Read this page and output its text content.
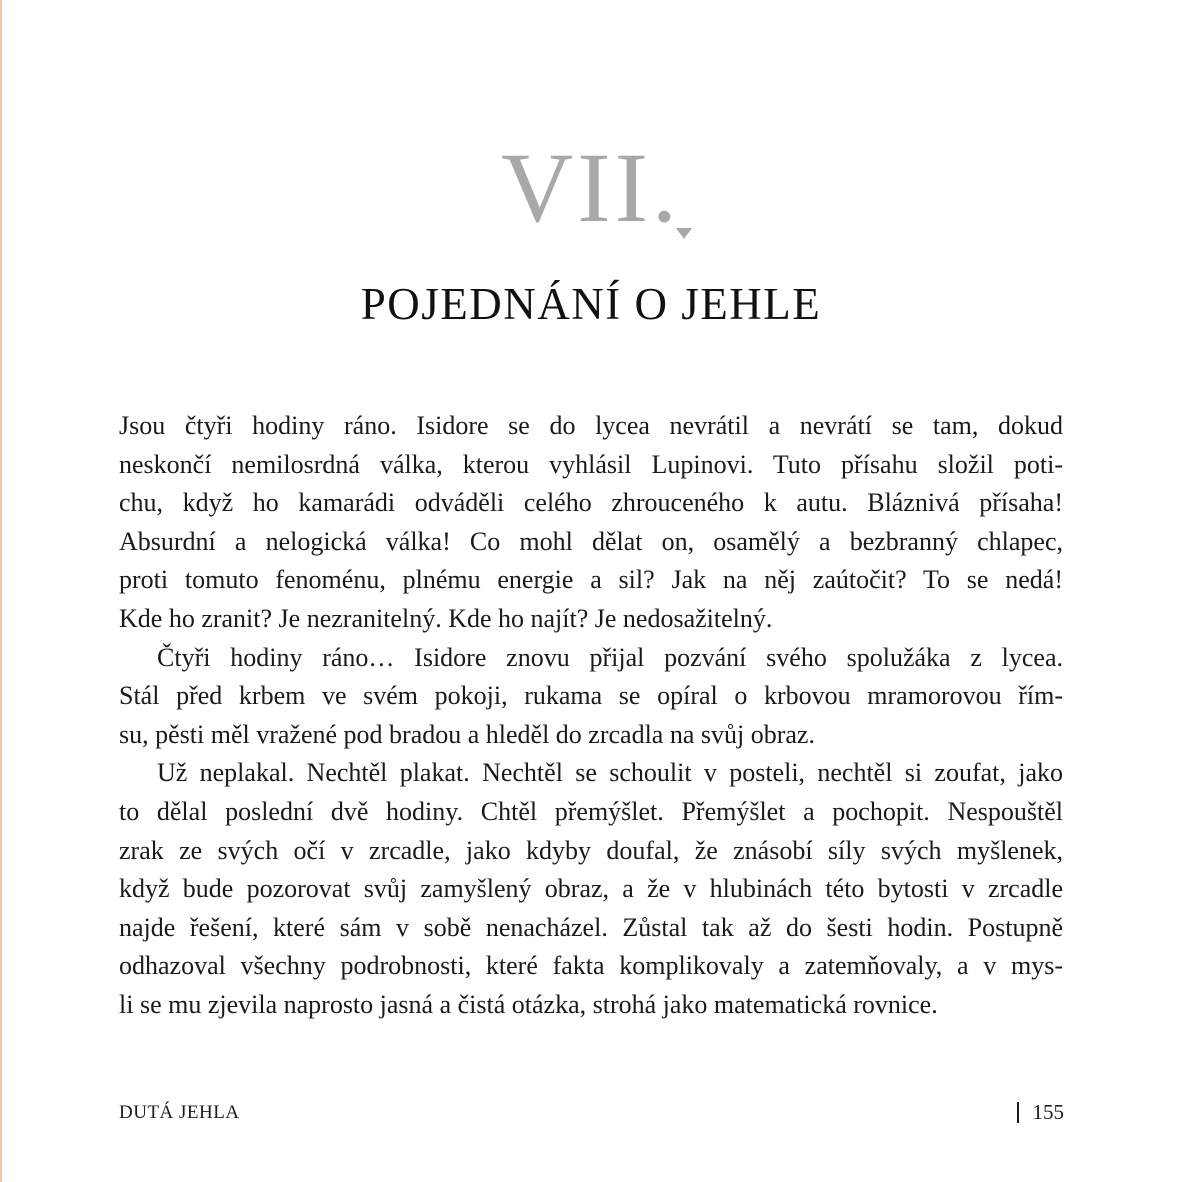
VII.
POJEDNÁNÍ O JEHLE
Jsou čtyři hodiny ráno. Isidore se do lycea nevrátil a nevrátí se tam, dokud
neskončí nemilosrdná válka, kterou vyhlásil Lupinovi. Tuto přísahu složil poti-
chu, když ho kamarádi odváděli celého zhrouceného k autu. Bláznivá přísaha!
Absurdní a nelogická válka! Co mohl dělat on, osamělý a bezbranný chlapec,
proti tomuto fenoménu, plnému energie a sil? Jak na něj zaútočit? To se nedá!
Kde ho zranit? Je nezranitelný. Kde ho najít? Je nedosažitelný.
Čtyři hodiny ráno… Isidore znovu přijal pozvání svého spolužáka z lycea.
Stál před krbem ve svém pokoji, rukama se opíral o krbovou mramorovou řím-
su, pěsti měl vražené pod bradou a hleděl do zrcadla na svůj obraz.
Už neplakal. Nechtěl plakat. Nechtěl se schoulit v posteli, nechtěl si zoufat, jako
to dělal poslední dvě hodiny. Chtěl přemýšlet. Přemýšlet a pochopit. Nespouštěl
zrak ze svých očí v zrcadle, jako kdyby doufal, že znásobí síly svých myšlenek,
když bude pozorovat svůj zamyšlený obraz, a že v hlubinách této bytosti v zrcadle
najde řešení, které sám v sobě nenacházel. Zůstal tak až do šesti hodin. Postupně
odhazoval všechny podrobnosti, které fakta komplikovaly a zatemňovaly, a v mys-
li se mu zjevila naprosto jasná a čistá otázka, strohá jako matematická rovnice.
DUTÁ JEHLA	155
